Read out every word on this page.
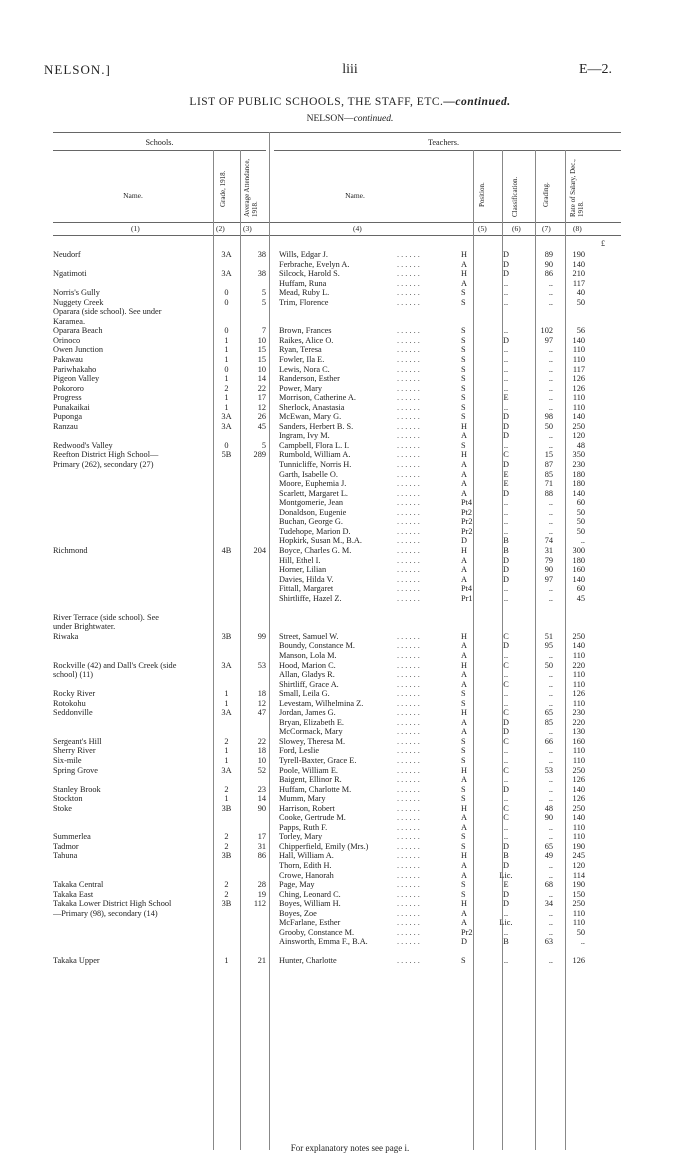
NELSON.]	liii	E—2.
LIST OF PUBLIC SCHOOLS, THE STAFF, ETC.—continued.
NELSON—continued.
Schools.	Teachers.
Name.	Grade, 1918. Average Attendance, 1918.
Name.	Position.	Classification.	Grading.	Rate of Salary, Dec., 1918.
(1)	(2) (3)	(4)	(5)	(6)	(7)	(8)
£
Neudorf	3A	38	Wills, Edgar J.	. . . . . .	H	D	89	190
Ferbrache, Evelyn A.	. . . . . .	A	D	90	140
Ngatimoti	3A	38	Silcock, Harold S.	. . . . . .	H	D	86	210
Huffam, Runa	. . . . . .	A	..	..	117
Norris's Gully	0	5	Mead, Ruby L.	. . . . . .	S	..	..	40
Nuggety Creek	0	5	Trim, Florence	. . . . . .	S	..	..	50
Oparara (side school). See under
Karamea.
Oparara Beach	0	7	Brown, Frances	. . . . . .	S	..	102	56
Orinoco	1	10	Raikes, Alice O.	. . . . . .	S	D	97	140
Owen Junction	1	15	Ryan, Teresa	. . . . . .	S	..	..	110
Pakawau	1	15	Fowler, Ila E.	. . . . . .	S	..	..	110
Pariwhakaho	0	10	Lewis, Nora C.	. . . . . .	S	..	..	117
Pigeon Valley	1	14	Randerson, Esther	. . . . . .	S	..	..	126
Pokororo	2	22	Power, Mary	. . . . . .	S	..	..	126
Progress	1	17	Morrison, Catherine A.	. . . . . .	S	E	..	110
Punakaikai	1	12	Sherlock, Anastasia	. . . . . .	S	..	..	110
Puponga	3A	26	McEwan, Mary G.	. . . . . .	S	D	98	140
Ranzau	3A	45	Sanders, Herbert B. S.	. . . . . .	H	D	50	250
Ingram, Ivy M.	. . . . . .	A	D	..	120
Redwood's Valley	0	5	Campbell, Flora L. I.	. . . . . .	S	..	..	48
Reefton District High School—	5B	289	Rumbold, William A.	. . . . . .	H	C	15	350
Primary (262), secondary (27)	Tunnicliffe, Norris H.	. . . . . .	A	D	87	230
Garth, Isabelle O.	. . . . . .	A	E	85	180
Moore, Euphemia J.	. . . . . .	A	E	71	180
Scarlett, Margaret L.	. . . . . .	A	D	88	140
Montgomerie, Jean	. . . . . .	Pt4	..	..	60
Donaldson, Eugenie	. . . . . .	Pt2	..	..	50
Buchan, George G.	. . . . . .	Pr2	..	..	50
Tudehope, Marion D.	. . . . . .	Pr2	..	..	50
Hopkirk, Susan M., B.A.	. . . . . .	D	B	74	..
Richmond	4B	204	Boyce, Charles G. M.	. . . . . .	H	B	31	300
Hill, Ethel I.	. . . . . .	A	D	79	180
Horner, Lilian	. . . . . .	A	D	90	160
Davies, Hilda V.	. . . . . .	A	D	97	140
Fittall, Margaret	. . . . . .	Pt4	..	..	60
Shirtliffe, Hazel Z.	. . . . . .	Pr1	..	..	45
River Terrace (side school). See
under Brightwater.
Riwaka	3B	99	Street, Samuel W.	. . . . . .	H	C	51	250
Boundy, Constance M.	. . . . . .	A	D	95	140
Manson, Lola M.	. . . . . .	A	..	..	110
Rockville (42) and Dall's Creek (side	3A	53	Hood, Marion C.	. . . . . .	H	C	50	220
school) (11)	Allan, Gladys R.	. . . . . .	A	..	..	110
Shirtliff, Grace A.	. . . . . .	A	C	..	110
Rocky River	1	18	Small, Leila G.	. . . . . .	S	..	..	126
Rotokohu	1	12	Levestam, Wilhelmina Z.	. . . . . .	S	..	..	110
Seddonville	3A	47	Jordan, James G.	. . . . . .	H	C	65	230
Bryan, Elizabeth E.	. . . . . .	A	D	85	220
McCormack, Mary	. . . . . .	A	D	..	130
Sergeant's Hill	2	22	Slowey, Theresa M.	. . . . . .	S	C	66	160
Sherry River	1	18	Ford, Leslie	. . . . . .	S	..	..	110
Six-mile	1	10	Tyrell-Baxter, Grace E.	. . . . . .	S	..	..	110
Spring Grove	3A	52	Poole, William E.	. . . . . .	H	C	53	250
Baigent, Ellinor R.	. . . . . .	A	..	..	126
Stanley Brook	2	23	Huffam, Charlotte M.	. . . . . .	S	D	..	140
Stockton	1	14	Mumm, Mary	. . . . . .	S	..	..	126
Stoke	3B	90	Harrison, Robert	. . . . . .	H	C	48	250
Cooke, Gertrude M.	. . . . . .	A	C	90	140
Papps, Ruth F.	. . . . . .	A	..	..	110
Summerlea	2	17	Torley, Mary	. . . . . .	S	..	..	110
Tadmor	2	31	Chipperfield, Emily (Mrs.)	. . . . . .	S	D	65	190
Tahuna	3B	86	Hall, William A.	. . . . . .	H	B	49	245
Thorn, Edith H.	. . . . . .	A	D	..	120
Crowe, Hanorah	. . . . . .	A	Lic.	..	114
Takaka Central	2	28	Page, May	. . . . . .	S	E	68	190
Takaka East	2	19	Ching, Leonard C.	. . . . . .	S	D	..	150
Takaka Lower District High School	3B	112	Boyes, William H.	. . . . . .	H	D	34	250
—Primary (98), secondary (14)	Boyes, Zoe	. . . . . .	A	..	..	110
McFarlane, Esther	. . . . . .	A	Lic.	..	110
Grooby, Constance M.	. . . . . .	Pr2	..	..	50
Ainsworth, Emma F., B.A.	. . . . . .	D	B	63	..
Takaka Upper	1	21	Hunter, Charlotte	. . . . . .	S	..	..	126
For explanatory notes see page i.
